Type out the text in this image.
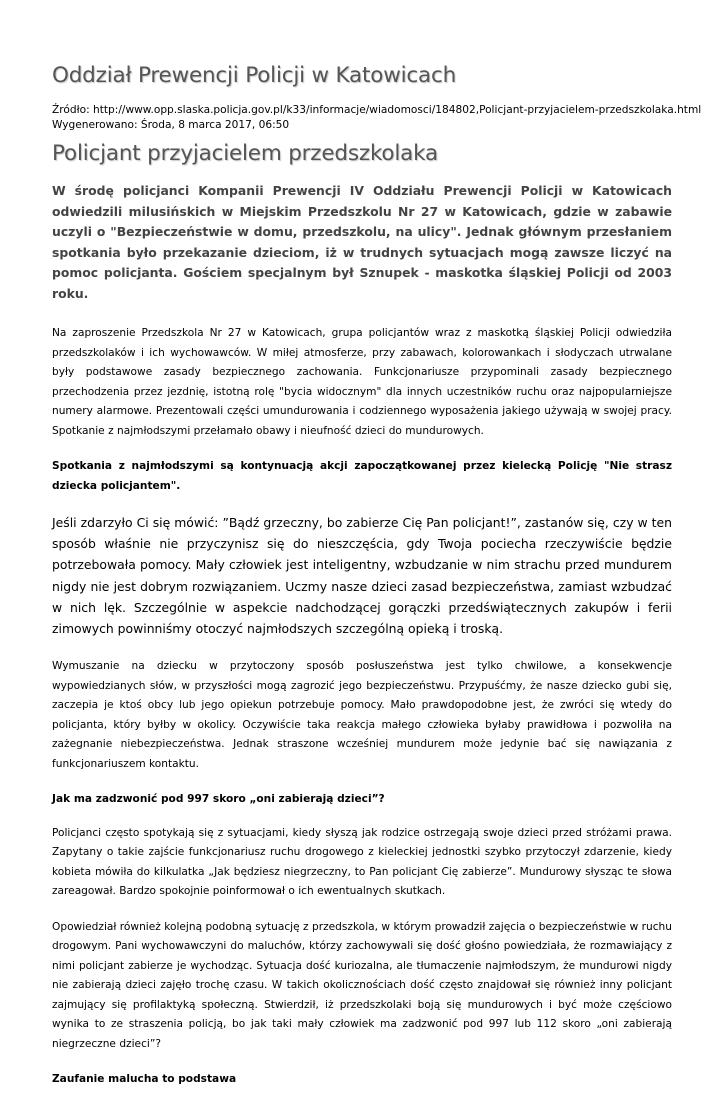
Oddział Prewencji Policji w Katowicach
Źródło: http://www.opp.slaska.policja.gov.pl/k33/informacje/wiadomosci/184802,Policjant-przyjacielem-przedszkolaka.html
Wygenerowano: Środa, 8 marca 2017, 06:50
Policjant przyjacielem przedszkolaka

W środę policjanci Kompanii Prewencji IV Oddziału Prewencji Policji w Katowicach odwiedzili milusińskich w Miejskim Przedszkolu Nr 27 w Katowicach, gdzie w zabawie uczyli o "Bezpieczeństwie w domu, przedszkolu, na ulicy". Jednak głównym przesłaniem spotkania było przekazanie dzieciom, iż w trudnych sytuacjach mogą zawsze liczyć na pomoc policjanta. Gościem specjalnym był Sznupek - maskotka śląskiej Policji od 2003 roku.

Na zaproszenie Przedszkola Nr 27 w Katowicach, grupa policjantów wraz z maskotką śląskiej Policji odwiedziła przedszkolaków i ich wychowawców. W miłej atmosferze, przy zabawach, kolorowankach i słodyczach utrwalane były podstawowe zasady bezpiecznego zachowania. Funkcjonariusze przypominali zasady bezpiecznego przechodzenia przez jezdnię, istotną rolę "bycia widocznym" dla innych uczestników ruchu oraz najpopularniejsze numery alarmowe. Prezentowali części umundurowania i codziennego wyposażenia jakiego używają w swojej pracy. Spotkanie z najmłodszymi przełamało obawy i nieufność dzieci do mundurowych.

Spotkania z najmłodszymi są kontynuacją akcji zapoczątkowanej przez kielecką Policję "Nie strasz dziecka policjantem".

Jeśli zdarzyło Ci się mówić: ”Bądź grzeczny, bo zabierze Cię Pan policjant!”, zastanów się, czy w ten sposób właśnie nie przyczynisz się do nieszczęścia, gdy Twoja pociecha rzeczywiście będzie potrzebowała pomocy. Mały człowiek jest inteligentny, wzbudzanie w nim strachu przed mundurem nigdy nie jest dobrym rozwiązaniem. Uczmy nasze dzieci zasad bezpieczeństwa, zamiast wzbudzać w nich lęk. Szczególnie w aspekcie nadchodzącej gorączki przedświątecznych zakupów i ferii zimowych powinniśmy otoczyć najmłodszych szczególną opieką i troską.

Wymuszanie na dziecku w przytoczony sposób posłuszeństwa jest tylko chwilowe, a konsekwencje wypowiedzianych słów, w przyszłości mogą zagrozić jego bezpieczeństwu. Przypuśćmy, że nasze dziecko gubi się, zaczepia je ktoś obcy lub jego opiekun potrzebuje pomocy. Mało prawdopodobne jest, że zwróci się wtedy do policjanta, który byłby w okolicy. Oczywiście taka reakcja małego człowieka byłaby prawidłowa i pozwoliła na zażegnanie niebezpieczeństwa. Jednak straszone wcześniej mundurem może jedynie bać się nawiązania z funkcjonariuszem kontaktu.

Jak ma zadzwonić pod 997 skoro „oni zabierają dzieci”?

Policjanci często spotykają się z sytuacjami, kiedy słyszą jak rodzice ostrzegają swoje dzieci przed stróżami prawa. Zapytany o takie zajście funkcjonariusz ruchu drogowego z kieleckiej jednostki szybko przytoczył zdarzenie, kiedy kobieta mówiła do kilkulatka „Jak będziesz niegrzeczny, to Pan policjant Cię zabierze”. Mundurowy słysząc te słowa zareagował. Bardzo spokojnie poinformował o ich ewentualnych skutkach.

Opowiedział również kolejną podobną sytuację z przedszkola, w którym prowadził zajęcia o bezpieczeństwie w ruchu drogowym. Pani wychowawczyni do maluchów, którzy zachowywali się dość głośno powiedziała, że rozmawiający z nimi policjant zabierze je wychodząc. Sytuacja dość kuriozalna, ale tłumaczenie najmłodszym, że mundurowi nigdy nie zabierają dzieci zajęło trochę czasu. W takich okolicznościach dość często znajdował się również inny policjant zajmujący się profilaktyką społeczną. Stwierdził, iż przedszkolaki boją się mundurowych i być może częściowo wynika to ze straszenia policją, bo jak taki mały człowiek ma zadzwonić pod 997 lub 112 skoro „oni zabierają niegrzeczne dzieci”?

Zaufanie malucha to podstawa
